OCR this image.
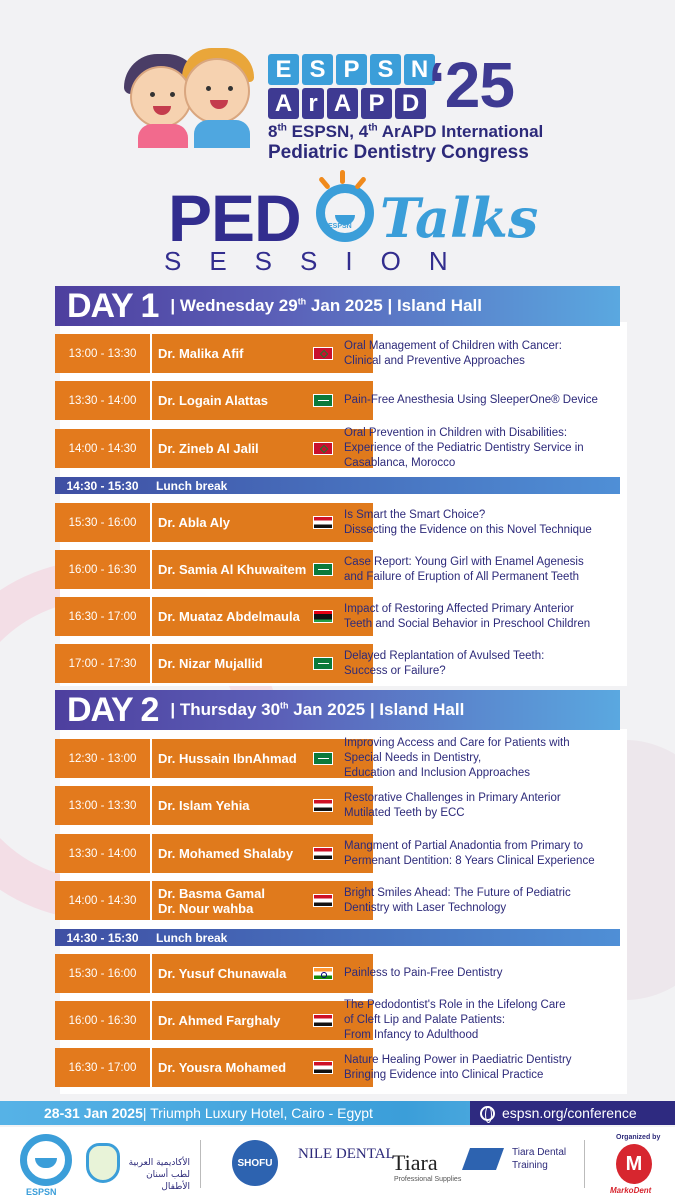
E S P S N
A r A P D ‘25
8th ESPSN, 4th ArAPD International
Pediatric Dentistry Congress
PED	ESPSN Talks
SESSION
DAY 1 | Wednesday 29th Jan 2025 | Island Hall
13:00 - 13:30	Dr. Malika Afif
Oral Management of Children with Cancer:
Clinical and Preventive Approaches
13:30 - 14:00	Dr. Logain Alattas	Pain-Free Anesthesia Using SleeperOne® Device
14:00 - 14:30	Dr. Zineb Al Jalil
Oral Prevention in Children with Disabilities:
Experience of the Pediatric Dentistry Service in
Casablanca, Morocco
14:30 - 15:30	Lunch break
15:30 - 16:00	Dr. Abla Aly
Is Smart the Smart Choice?
Dissecting the Evidence on this Novel Technique
16:00 - 16:30	Dr. Samia Al Khuwaitem
Case Report: Young Girl with Enamel Agenesis
and Failure of Eruption of All Permanent Teeth
16:30 - 17:00	Dr. Muataz Abdelmaula
Impact of Restoring Affected Primary Anterior
Teeth and Social Behavior in Preschool Children
17:00 - 17:30	Dr. Nizar Mujallid
Delayed Replantation of Avulsed Teeth:
Success or Failure?
DAY 2 | Thursday 30th Jan 2025 | Island Hall
12:30 - 13:00	Dr. Hussain IbnAhmad
Improving Access and Care for Patients with
Special Needs in Dentistry,
Education and Inclusion Approaches
13:00 - 13:30	Dr. Islam Yehia
Restorative Challenges in Primary Anterior
Mutilated Teeth by ECC
13:30 - 14:00	Dr. Mohamed Shalaby
Mangment of Partial Anadontia from Primary to
Permenant Dentition: 8 Years Clinical Experience
14:00 - 14:30	Dr. Basma Gamal
Dr. Nour wahba
Bright Smiles Ahead: The Future of Pediatric
Dentistry with Laser Technology
14:30 - 15:30	Lunch break
15:30 - 16:00	Dr. Yusuf Chunawala	Painless to Pain-Free Dentistry
16:00 - 16:30	Dr. Ahmed Farghaly
The Pedodontist's Role in the Lifelong Care
of Cleft Lip and Palate Patients:
From Infancy to Adulthood
16:30 - 17:00	Dr. Yousra Mohamed
Nature Healing Power in Paediatric Dentistry
Bringing Evidence into Clinical Practice
28-31 Jan 2025 | Triumph Luxury Hotel, Cairo - Egypt	espsn.org/conference
ESPSN
الأكاديمية العربية
لطب أسنان الأطفال
SHOFU
NILE DENTAL
Tiara
Professional Supplies
Tiara Dental
Training
Organized by
M
MarkoDent
